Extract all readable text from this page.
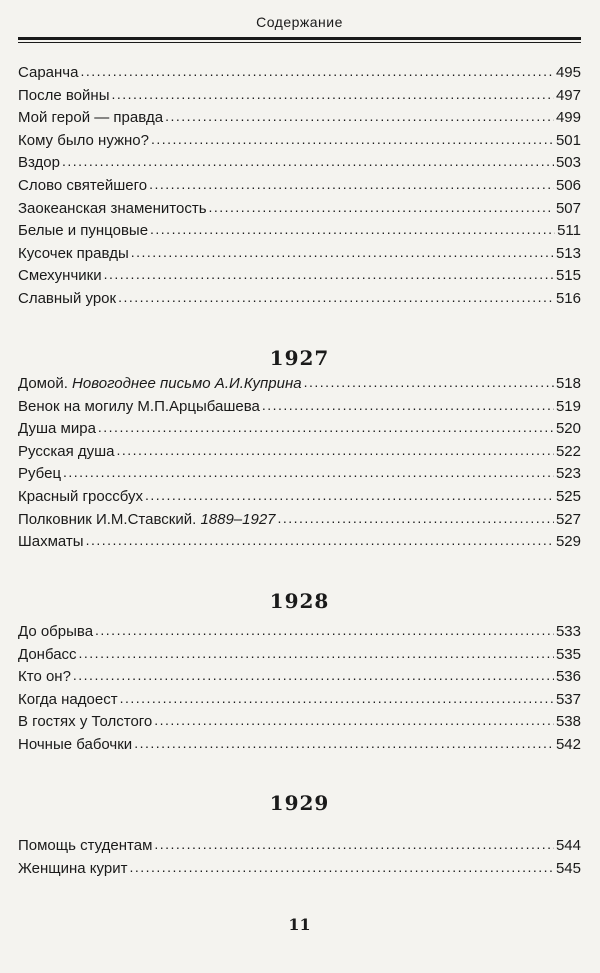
Содержание
Саранча . . .	495
После войны . . .	497
Мой герой — правда . . .	499
Кому было нужно? . . .	501
Вздор . . .	503
Слово святейшего . . .	506
Заокеанская знаменитость . . .	507
Белые и пунцовые . . .	511
Кусочек правды . . .	513
Смехунчики . . .	515
Славный урок . . .	516
1927
Домой. Новогоднее письмо А.И.Куприна . . .	518
Венок на могилу М.П.Арцыбашева . . .	519
Душа мира . . .	520
Русская душа . . .	522
Рубец . . .	523
Красный гроссбух . . .	525
Полковник И.М.Ставский. 1889–1927 . . .	527
Шахматы . . .	529
1928
До обрыва . . .	533
Донбасс . . .	535
Кто он? . . .	536
Когда надоест . . .	537
В гостях у Толстого . . .	538
Ночные бабочки . . .	542
1929
Помощь студентам . . .	544
Женщина курит . . .	545
11
